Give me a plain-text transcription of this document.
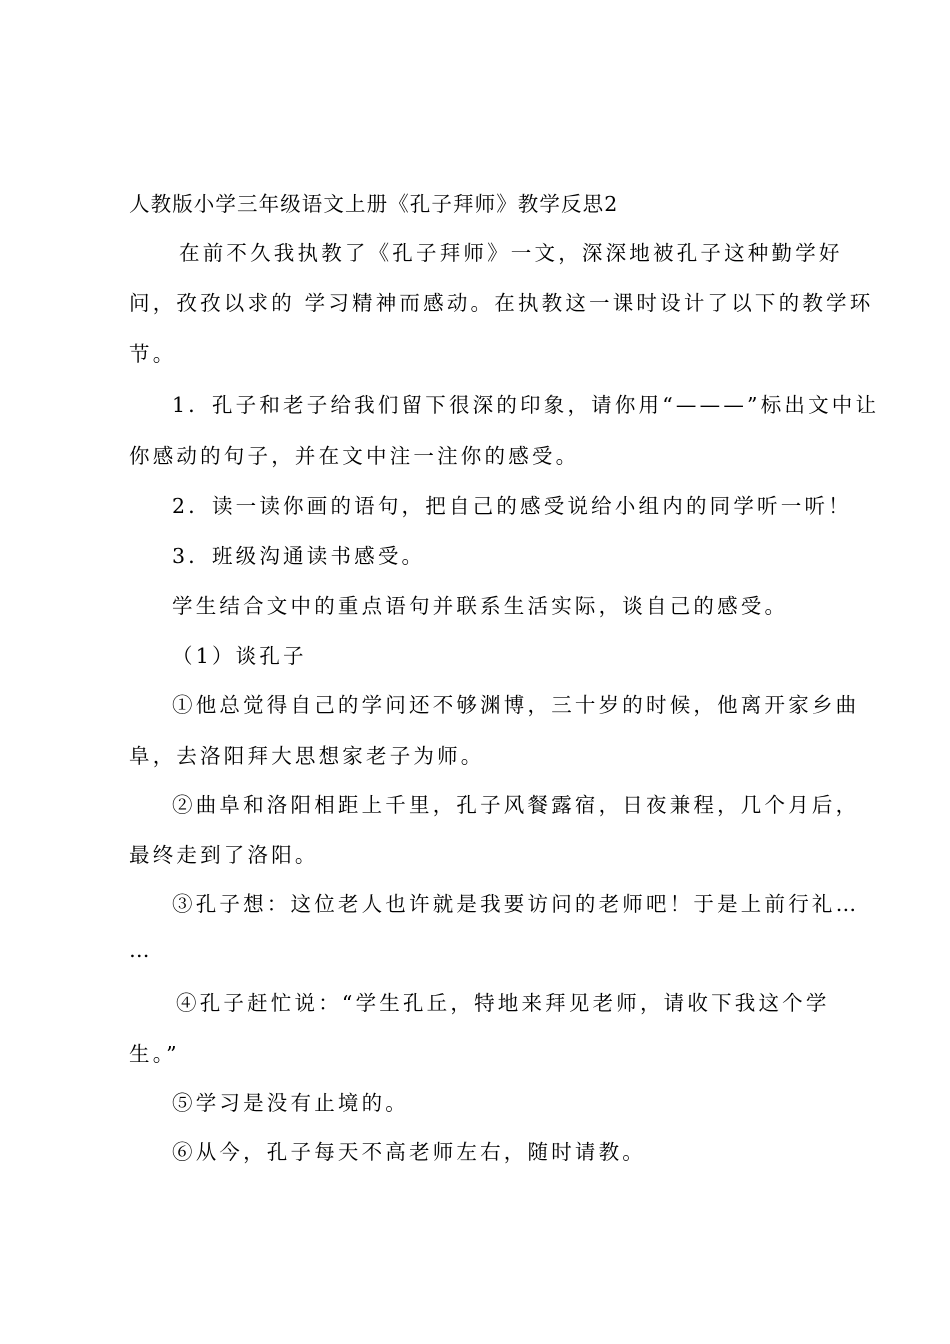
人教版小学三年级语文上册《孔子拜师》教学反思2
在前不久我执教了《孔子拜师》一文，深深地被孔子这种勤学好
问，孜孜以求的 学习精神而感动。在执教这一课时设计了以下的教学环
节。
1．孔子和老子给我们留下很深的印象，请你用“———”标出文中让
你感动的句子，并在文中注一注你的感受。
2．读一读你画的语句，把自己的感受说给小组内的同学听一听！
3．班级沟通读书感受。
学生结合文中的重点语句并联系生活实际，谈自己的感受。
（1）谈孔子
①他总觉得自己的学问还不够渊博，三十岁的时候，他离开家乡曲
阜，去洛阳拜大思想家老子为师。
②曲阜和洛阳相距上千里，孔子风餐露宿，日夜兼程，几个月后，
最终走到了洛阳。
③孔子想：这位老人也许就是我要访问的老师吧！于是上前行礼…
…
④孔子赶忙说：“学生孔丘，特地来拜见老师，请收下我这个学
生。”
⑤学习是没有止境的。
⑥从今，孔子每天不高老师左右，随时请教。
